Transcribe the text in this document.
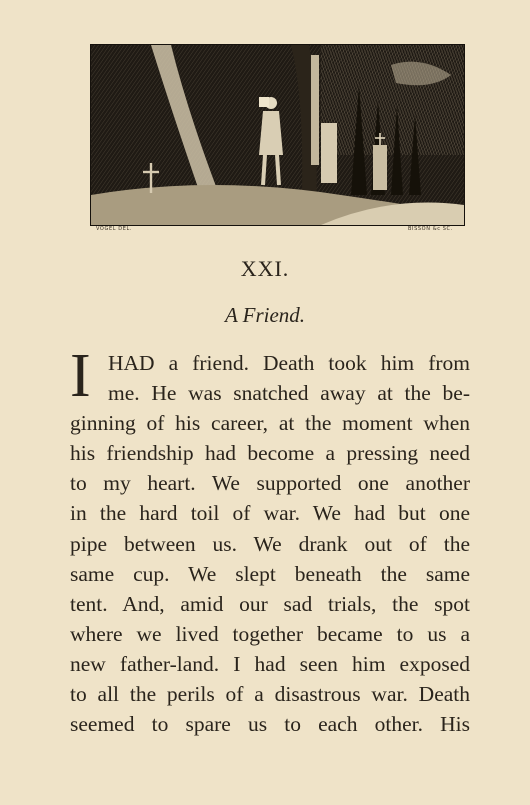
VOGEL DEL.	BISSON &c SC.
XXI.
A Friend.
I HAD a friend. Death took him from
me. He was snatched away at the be-
ginning of his career, at the moment when
his friendship had become a pressing need
to my heart. We supported one another
in the hard toil of war. We had but one
pipe between us. We drank out of the
same cup. We slept beneath the same
tent. And, amid our sad trials, the spot
where we lived together became to us a
new father-land. I had seen him exposed
to all the perils of a disastrous war. Death
seemed to spare us to each other. His
